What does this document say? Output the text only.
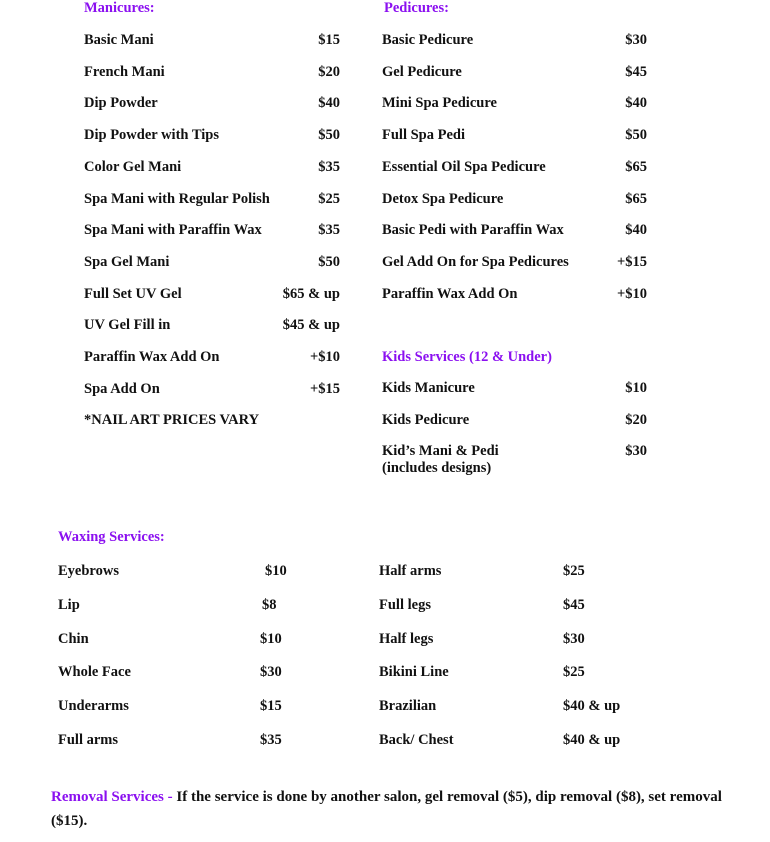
Manicures:
Basic Mani	$15
French Mani	$20
Dip Powder	$40
Dip Powder with Tips	$50
Color Gel Mani	$35
Spa Mani with Regular Polish	$25
Spa Mani with Paraffin Wax	$35
Spa Gel Mani	$50
Full Set UV Gel	$65 & up
UV Gel Fill in	$45 & up
Paraffin Wax Add On	+$10
Spa Add On	+$15
*NAIL ART PRICES VARY
Pedicures:
Basic Pedicure	$30
Gel Pedicure	$45
Mini Spa Pedicure	$40
Full Spa Pedi	$50
Essential Oil Spa Pedicure	$65
Detox Spa Pedicure	$65
Basic Pedi with Paraffin Wax	$40
Gel Add On for Spa Pedicures	+$15
Paraffin Wax Add On	+$10
Kids Services (12 & Under)
Kids Manicure	$10
Kids Pedicure	$20
Kid’s Mani & Pedi
(includes designs)
$30
Waxing Services:
Eyebrows	$10
Lip	$8
Chin	$10
Whole Face	$30
Underarms	$15
Full arms	$35
Half arms	$25
Full legs	$45
Half legs	$30
Bikini Line	$25
Brazilian	$40 & up
Back/ Chest	$40 & up
Removal Services - If the service is done by another salon, gel removal ($5), dip removal ($8), set removal ($15).
